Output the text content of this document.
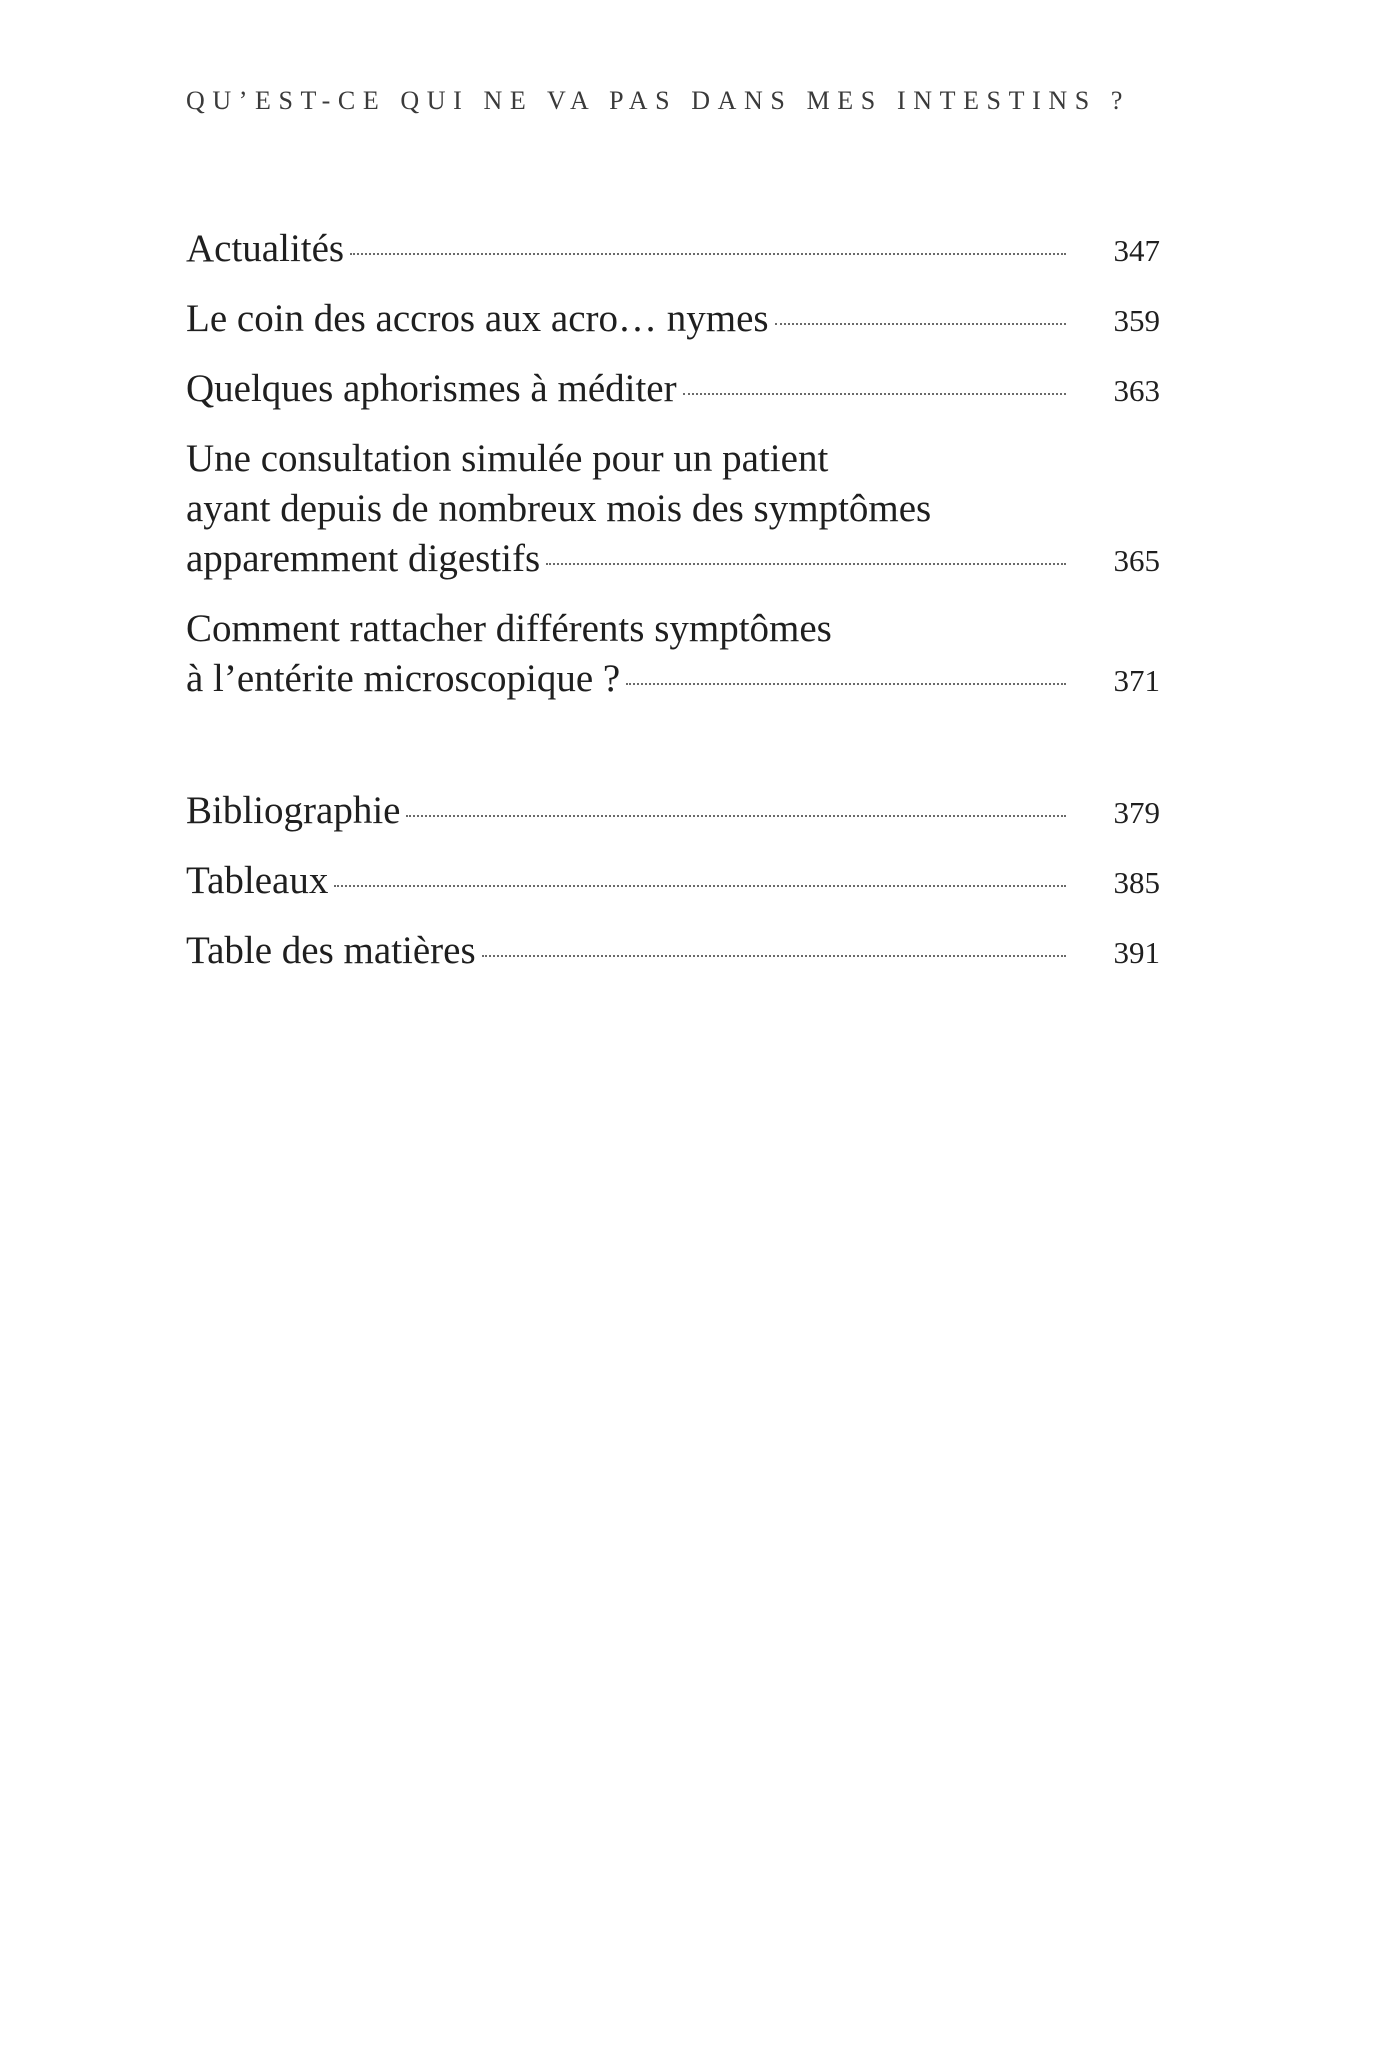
QU’EST-CE QUI NE VA PAS DANS MES INTESTINS ?
Actualités	347
Le coin des accros aux acro… nymes	359
Quelques aphorismes à méditer	363
Une consultation simulée pour un patient
ayant depuis de nombreux mois des symptômes
apparemment digestifs	365
Comment rattacher différents symptômes
à l’entérite microscopique ?	371
Bibliographie	379
Tableaux	385
Table des matières	391
